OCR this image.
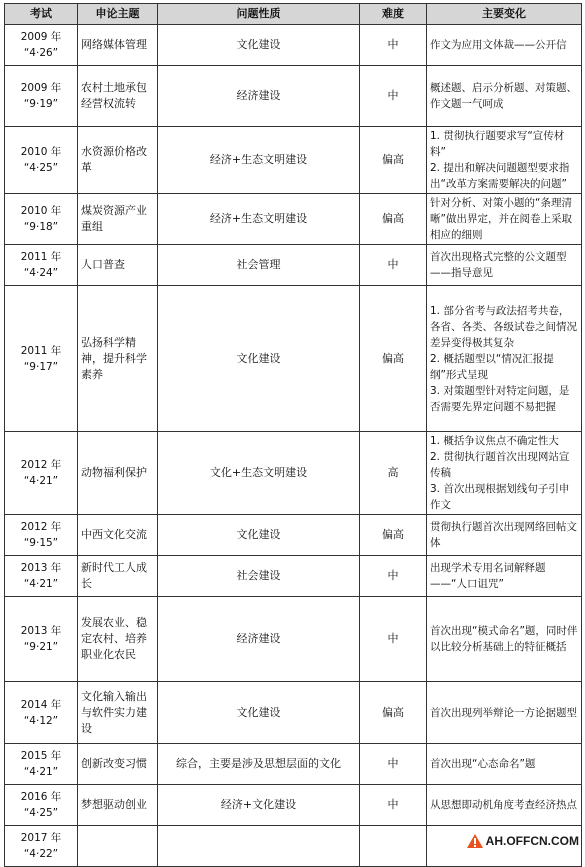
考试	申论主题	问题性质	难度	主要变化

2009 年
“4·26”	网络媒体管理	文化建设	中	作文为应用文体裁——公开信

2009 年
“9·19”	农村土地承包经营权流转	经济建设	中	概述题、启示分析题、对策题、作文题一气呵成

2010 年
“4·25”	水资源价格改革	经济+生态文明建设	偏高	1. 贯彻执行题要求写“宣传材料”
2. 提出和解决问题题型要求指出“改革方案需要解决的问题”

2010 年
“9·18”	煤炭资源产业重组	经济+生态文明建设	偏高	针对分析、对策小题的“条理清晰”做出界定，并在阅卷上采取相应的细则

2011 年
“4·24”	人口普查	社会管理	中	首次出现格式完整的公文题型——指导意见

2011 年
“9·17”	弘扬科学精神，提升科学素养	文化建设	偏高	1. 部分省考与政法招考共卷，各省、各类、各级试卷之间情况差异变得极其复杂
2. 概括题型以“情况汇报提纲”形式呈现
3. 对策题型针对特定问题，是否需要先界定问题不易把握

2012 年
“4·21”	动物福利保护	文化+生态文明建设	高	1. 概括争议焦点不确定性大
2. 贯彻执行题首次出现网站宣传稿
3. 首次出现根据划线句子引申作文

2012 年
“9·15”	中西文化交流	文化建设	偏高	贯彻执行题首次出现网络回帖文体

2013 年
“4·21”	新时代工人成长	社会建设	中	出现学术专用名词解释题——“人口诅咒”

2013 年
“9·21”	发展农业、稳定农村、培养职业化农民	经济建设	中	首次出现“模式命名”题，同时伴以比较分析基础上的特征概括

2014 年
“4·12”	文化输入输出与软件实力建设	文化建设	偏高	首次出现列举辩论一方论据题型

2015 年
“4·21”	创新改变习惯	综合，主要是涉及思想层面的文化	中	首次出现“心态命名”题

2016 年
“4·25”	梦想驱动创业	经济+文化建设	中	从思想即动机角度考查经济热点

2017 年
“4·22”				

AH.OFFCN.COM
